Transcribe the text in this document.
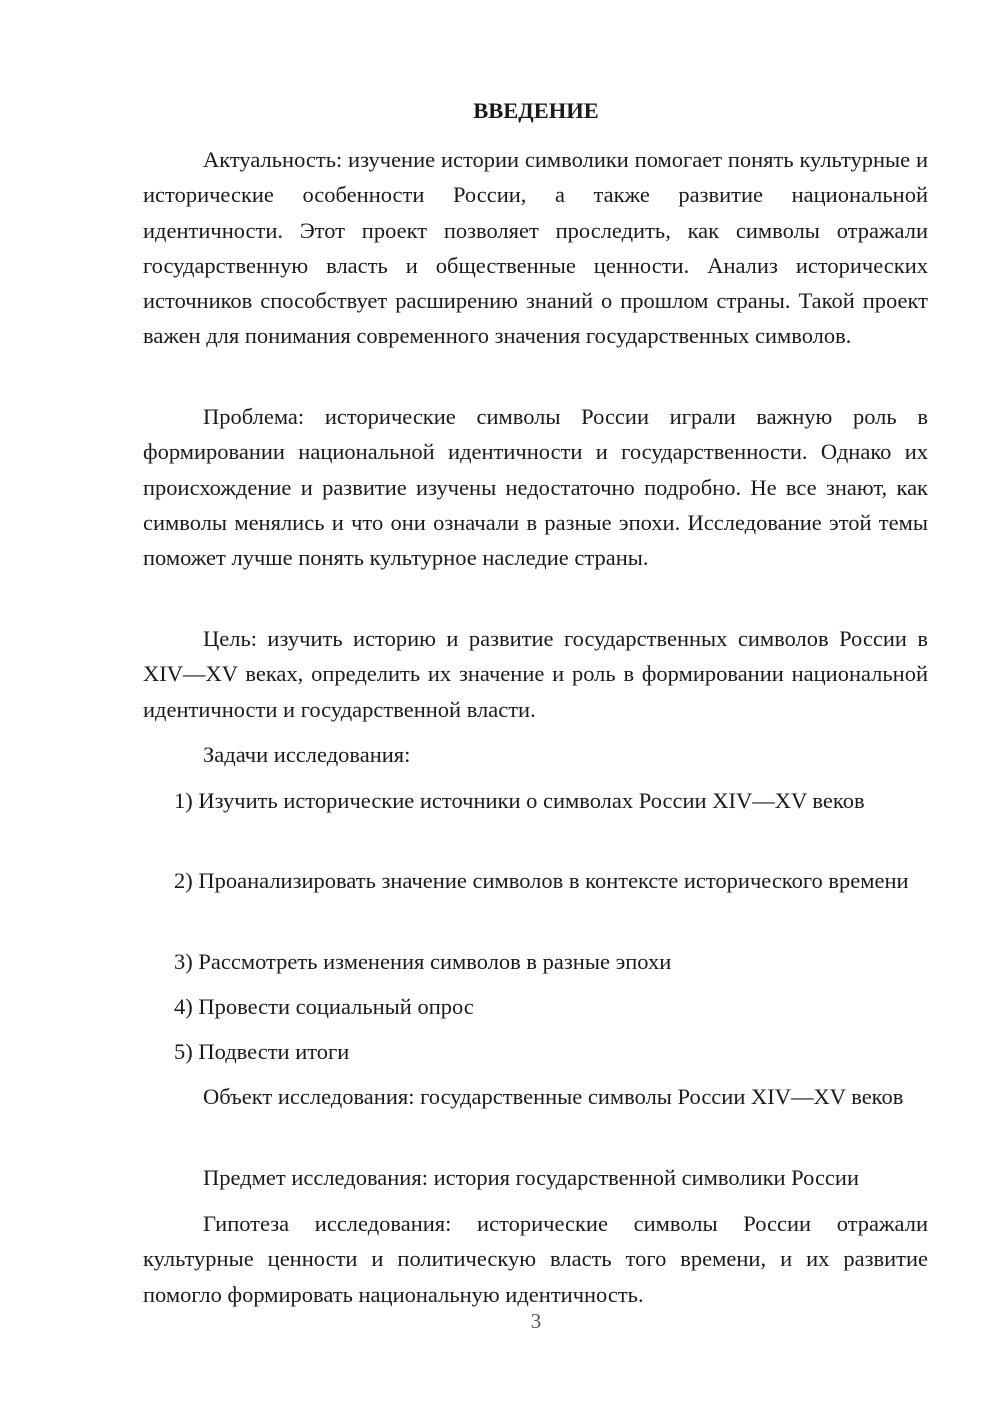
ВВЕДЕНИЕ

Актуальность: изучение истории символики помогает понять культурные и исторические особенности России, а также развитие национальной идентичности. Этот проект позволяет проследить, как символы отражали государственную власть и общественные ценности. Анализ исторических источников способствует расширению знаний о прошлом страны. Такой проект важен для понимания современного значения государственных символов.

Проблема: исторические символы России играли важную роль в формировании национальной идентичности и государственности. Однако их происхождение и развитие изучены недостаточно подробно. Не все знают, как символы менялись и что они означали в разные эпохи. Исследование этой темы поможет лучше понять культурное наследие страны.

Цель: изучить историю и развитие государственных символов России в XIV—XV веках, определить их значение и роль в формировании национальной идентичности и государственной власти.

Задачи исследования:

1) Изучить исторические источники о символах России XIV—XV веков

2) Проанализировать значение символов в контексте исторического времени

3) Рассмотреть изменения символов в разные эпохи

4) Провести социальный опрос

5) Подвести итоги

Объект исследования: государственные символы России XIV—XV веков

Предмет исследования: история государственной символики России

Гипотеза исследования: исторические символы России отражали культурные ценности и политическую власть того времени, и их развитие помогло формировать национальную идентичность.

3
